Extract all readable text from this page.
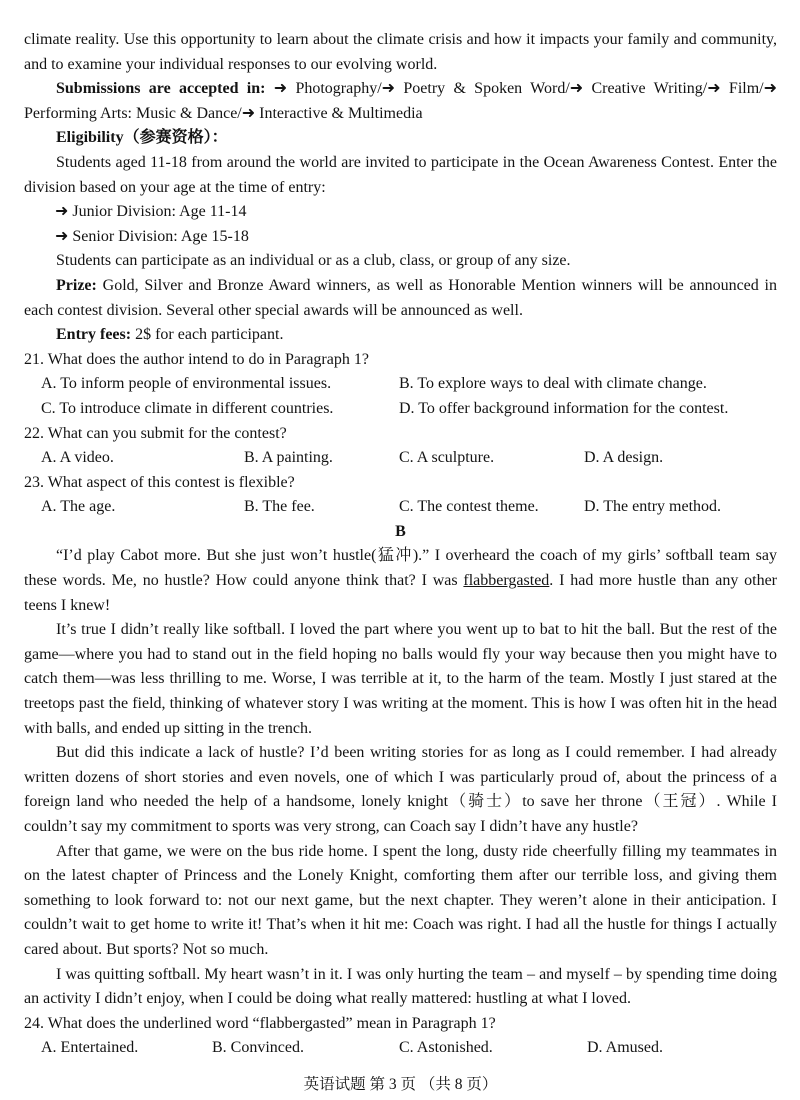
climate reality. Use this opportunity to learn about the climate crisis and how it impacts your family and community, and to examine your individual responses to our evolving world.

Submissions are accepted in: ➜ Photography/➜ Poetry & Spoken Word/➜ Creative Writing/➜ Film/➜ Performing Arts: Music & Dance/➜ Interactive & Multimedia

Eligibility（参赛资格）：

Students aged 11-18 from around the world are invited to participate in the Ocean Awareness Contest. Enter the division based on your age at the time of entry:

➜ Junior Division: Age 11-14

➜ Senior Division: Age 15-18

Students can participate as an individual or as a club, class, or group of any size.

Prize: Gold, Silver and Bronze Award winners, as well as Honorable Mention winners will be announced in each contest division. Several other special awards will be announced as well.

Entry fees: 2$ for each participant.

21. What does the author intend to do in Paragraph 1?

A. To inform people of environmental issues.	B. To explore ways to deal with climate change.
C. To introduce climate in different countries.	D. To offer background information for the contest.

22. What can you submit for the contest?

A. A video.	B. A painting.	C. A sculpture.	D. A design.

23. What aspect of this contest is flexible?

A. The age.	B. The fee.	C. The contest theme.	D. The entry method.

B

“I’d play Cabot more. But she just won’t hustle(猛冲).” I overheard the coach of my girls’ softball team say these words. Me, no hustle? How could anyone think that? I was flabbergasted. I had more hustle than any other teens I knew!

It’s true I didn’t really like softball. I loved the part where you went up to bat to hit the ball. But the rest of the game—where you had to stand out in the field hoping no balls would fly your way because then you might have to catch them—was less thrilling to me. Worse, I was terrible at it, to the harm of the team. Mostly I just stared at the treetops past the field, thinking of whatever story I was writing at the moment. This is how I was often hit in the head with balls, and ended up sitting in the trench.

But did this indicate a lack of hustle? I’d been writing stories for as long as I could remember. I had already written dozens of short stories and even novels, one of which I was particularly proud of, about the princess of a foreign land who needed the help of a handsome, lonely knight（骑士）to save her throne（王冠）. While I couldn’t say my commitment to sports was very strong, can Coach say I didn’t have any hustle?

After that game, we were on the bus ride home. I spent the long, dusty ride cheerfully filling my teammates in on the latest chapter of Princess and the Lonely Knight, comforting them after our terrible loss, and giving them something to look forward to: not our next game, but the next chapter. They weren’t alone in their anticipation. I couldn’t wait to get home to write it! That’s when it hit me: Coach was right. I had all the hustle for things I actually cared about. But sports? Not so much.

I was quitting softball. My heart wasn’t in it. I was only hurting the team – and myself – by spending time doing an activity I didn’t enjoy, when I could be doing what really mattered: hustling at what I loved.

24. What does the underlined word “flabbergasted” mean in Paragraph 1?

A. Entertained.	B. Convinced.	C. Astonished.	D. Amused.

英语试题 第 3 页 （共 8 页）
